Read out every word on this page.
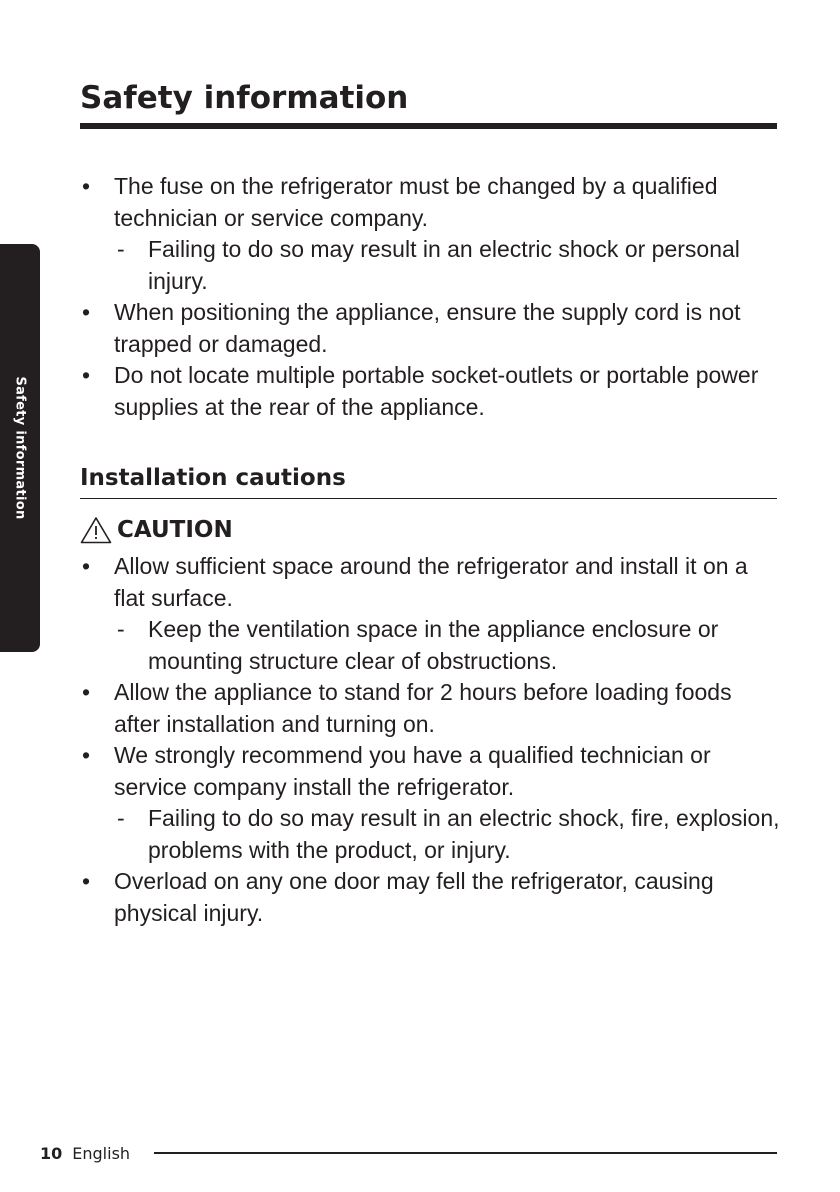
Safety information
Safety information
• The fuse on the refrigerator must be changed by a qualified technician or service company.
- Failing to do so may result in an electric shock or personal injury.
• When positioning the appliance, ensure the supply cord is not trapped or damaged.
• Do not locate multiple portable socket-outlets or portable power supplies at the rear of the appliance.
Installation cautions
CAUTION
• Allow sufficient space around the refrigerator and install it on a flat surface.
- Keep the ventilation space in the appliance enclosure or mounting structure clear of obstructions.
• Allow the appliance to stand for 2 hours before loading foods after installation and turning on.
• We strongly recommend you have a qualified technician or service company install the refrigerator.
- Failing to do so may result in an electric shock, fire, explosion, problems with the product, or injury.
• Overload on any one door may fell the refrigerator, causing physical injury.
10 English
